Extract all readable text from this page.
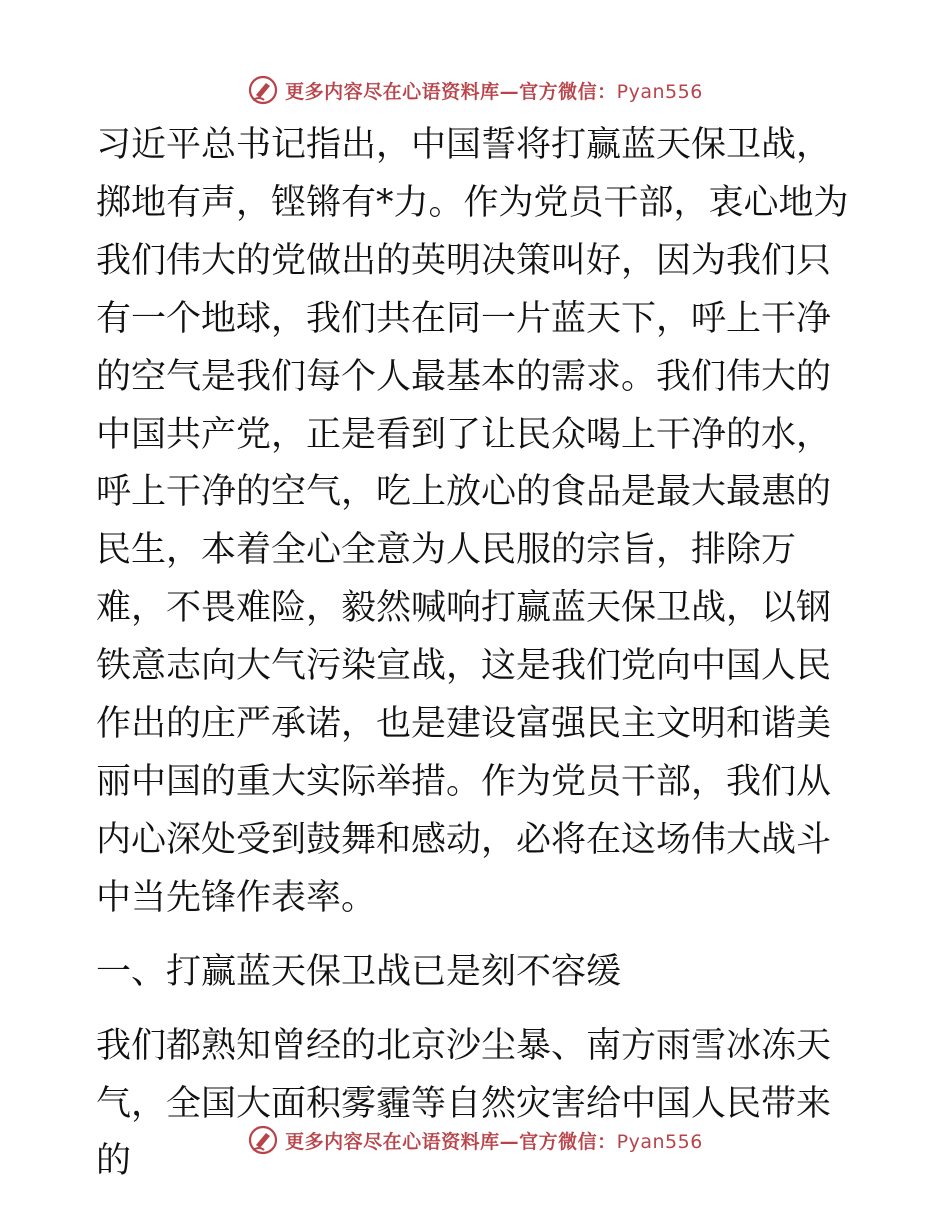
更多内容尽在心语资料库—官方微信：Pyan556

习近平总书记指出，中国誓将打赢蓝天保卫战，掷地有声，铿锵有*力。作为党员干部，衷心地为我们伟大的党做出的英明决策叫好，因为我们只有一个地球，我们共在同一片蓝天下，呼上干净的空气是我们每个人最基本的需求。我们伟大的中国共产党，正是看到了让民众喝上干净的水，呼上干净的空气，吃上放心的食品是最大最惠的民生，本着全心全意为人民服的宗旨，排除万难，不畏难险，毅然喊响打赢蓝天保卫战，以钢铁意志向大气污染宣战，这是我们党向中国人民作出的庄严承诺，也是建设富强民主文明和谐美丽中国的重大实际举措。作为党员干部，我们从内心深处受到鼓舞和感动，必将在这场伟大战斗中当先锋作表率。

一、打赢蓝天保卫战已是刻不容缓

我们都熟知曾经的北京沙尘暴、南方雨雪冰冻天气，全国大面积雾霾等自然灾害给中国人民带来的	更多内容尽在心语资料库—官方微信：Pyan556
